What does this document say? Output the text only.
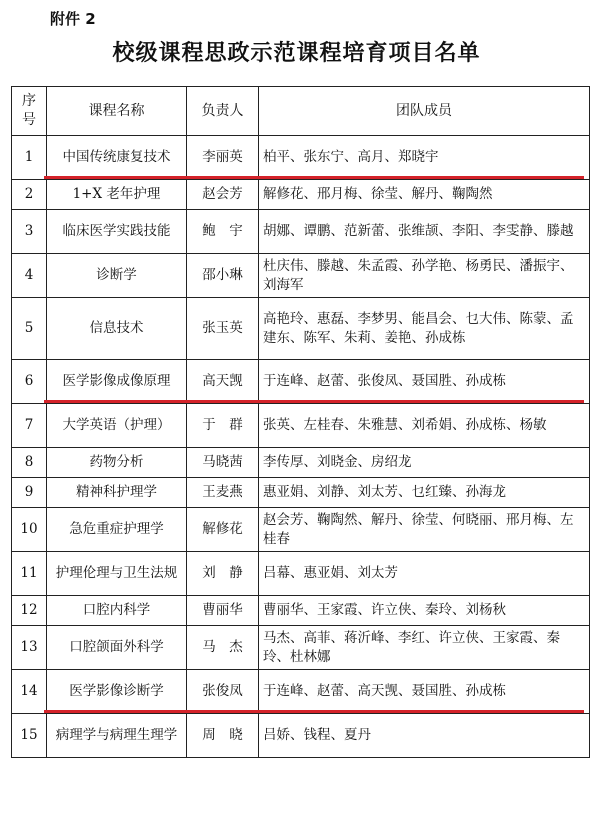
附件 2
校级课程思政示范课程培育项目名单
序号	课程名称	负责人	团队成员
1	中国传统康复技术	李丽英	柏平、张东宁、高月、郑晓宇
2	1+X 老年护理	赵会芳	解修花、邢月梅、徐莹、解丹、鞠陶然
3	临床医学实践技能	鲍　宇	胡娜、谭鹏、范新蕾、张维颉、李阳、李雯静、滕越
4	诊断学	邵小琳	杜庆伟、滕越、朱孟霞、孙学艳、杨勇民、潘振宇、刘海军
5	信息技术	张玉英	高艳玲、惠磊、李梦男、能昌会、乜大伟、陈蒙、孟建东、陈军、朱莉、姜艳、孙成栋
6	医学影像成像原理	高天觊	于连峰、赵蕾、张俊凤、聂国胜、孙成栋
7	大学英语（护理）	于　群	张英、左桂春、朱雅慧、刘希娟、孙成栋、杨敏
8	药物分析	马晓茜	李传厚、刘晓金、房绍龙
9	精神科护理学	王麦燕	惠亚娟、刘静、刘太芳、乜红臻、孙海龙
10	急危重症护理学	解修花	赵会芳、鞠陶然、解丹、徐莹、何晓丽、邢月梅、左桂春
11	护理伦理与卫生法规	刘　静	吕幕、惠亚娟、刘太芳
12	口腔内科学	曹丽华	曹丽华、王家霞、许立侠、秦玲、刘杨秋
13	口腔颌面外科学	马　杰	马杰、高菲、蒋沂峰、李红、许立侠、王家霞、秦玲、杜林娜
14	医学影像诊断学	张俊凤	于连峰、赵蕾、高天觊、聂国胜、孙成栋
15	病理学与病理生理学	周　晓	吕娇、钱程、夏丹
